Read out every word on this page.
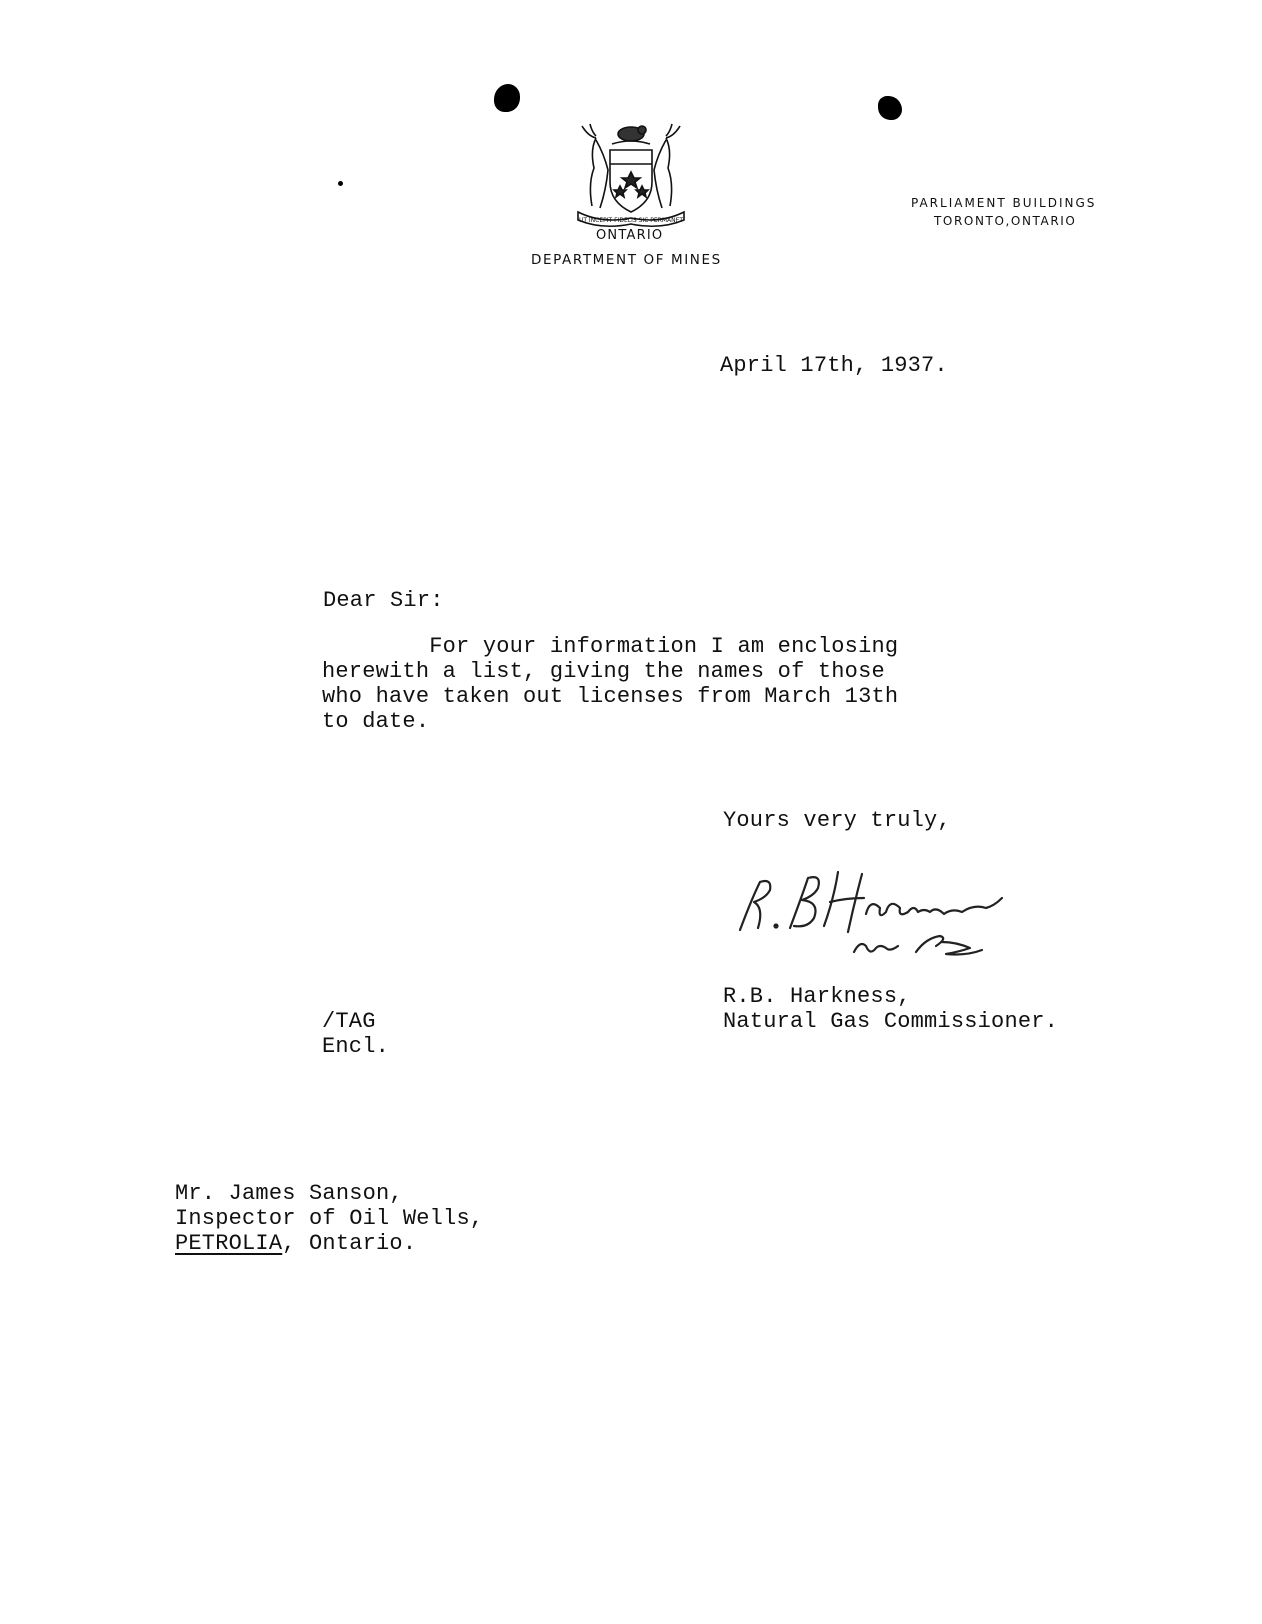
UT INCEPIT FIDELIS SIC PERMANET

ONTARIO

DEPARTMENT OF MINES

PARLIAMENT BUILDINGS

TORONTO,ONTARIO

April 17th, 1937.

Dear Sir:

For your information I am enclosing
herewith a list, giving the names of those
who have taken out licenses from March 13th
to date.

Yours very truly,

R.B. Harkness per

R.B. Harkness,

Natural Gas Commissioner.

/TAG

Encl.

Mr. James Sanson,

Inspector of Oil Wells,

PETROLIA, Ontario.
